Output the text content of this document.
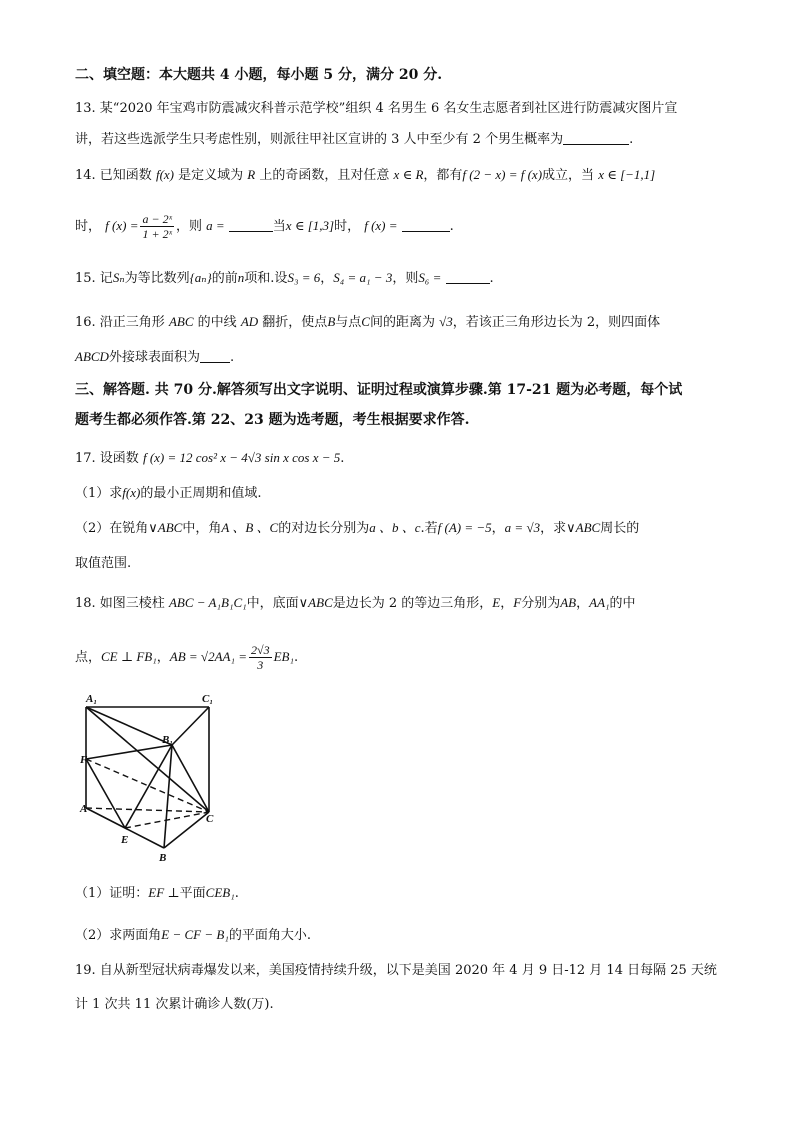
二、填空题：本大题共 4 小题，每小题 5 分，满分 20 分.
13. 某“2020 年宝鸡市防震减灾科普示范学校”组织 4 名男生 6 名女生志愿者到社区进行防震减灾图片宣
讲，若这些选派学生只考虑性别，则派往甲社区宣讲的 3 人中至少有 2 个男生概率为	.
14. 已知函数 f(x) 是定义域为 R 上的奇函数，且对任意 x ∈ R，都有f (2 − x) = f (x)成立，当 x ∈ [−1,1]
时， f $(x) = \frac{\text{a − 2ˣ}}{\text{1 + 2ˣ}}$ ，则 a =	当x ∈ [1,3]时， f (x) =	.
15. 记Sₙ为等比数列{aₙ}的前n项和.设S₃ = 6，S₄ = a₁ − 3，则S₆ =	.
16. 沿正三角形 ABC 的中线 AD 翻折，使点B与点C间的距离为 √3，若该正三角形边长为 2，则四面体
ABCD外接球表面积为 .
三、解答题. 共 70 分.解答须写出文字说明、证明过程或演算步骤.第 17-21 题为必考题，每个试
题考生都必须作答.第 22、23 题为选考题，考生根据要求作答.
17. 设函数 f (x) = 12 cos² x − 4√3 sin x cos x − 5.
（1）求f(x)的最小正周期和值域.
（2）在锐角∨ABC中，角A 、B 、C的对边长分别为a 、b 、c.若f (A) = −5，a = √3，求∨ABC周长的
取值范围.
18. 如图三棱柱 ABC − A₁B₁C₁中，底面∨ABC是边长为 2 的等边三角形，E，F分别为AB，AA₁的中
点，CE ⊥ FB₁，AB = $√2AA_1 = \frac{2√3}{3} EB_1$.
A₁	C₁
B₁
F
A
C
E
B
（1）证明：EF ⊥平面CEB₁.
（2）求两面角E − CF − B₁的平面角大小.
19. 自从新型冠状病毒爆发以来，美国疫情持续升级，以下是美国 2020 年 4 月 9 日-12 月 14 日每隔 25 天统
计 1 次共 11 次累计确诊人数(万).
